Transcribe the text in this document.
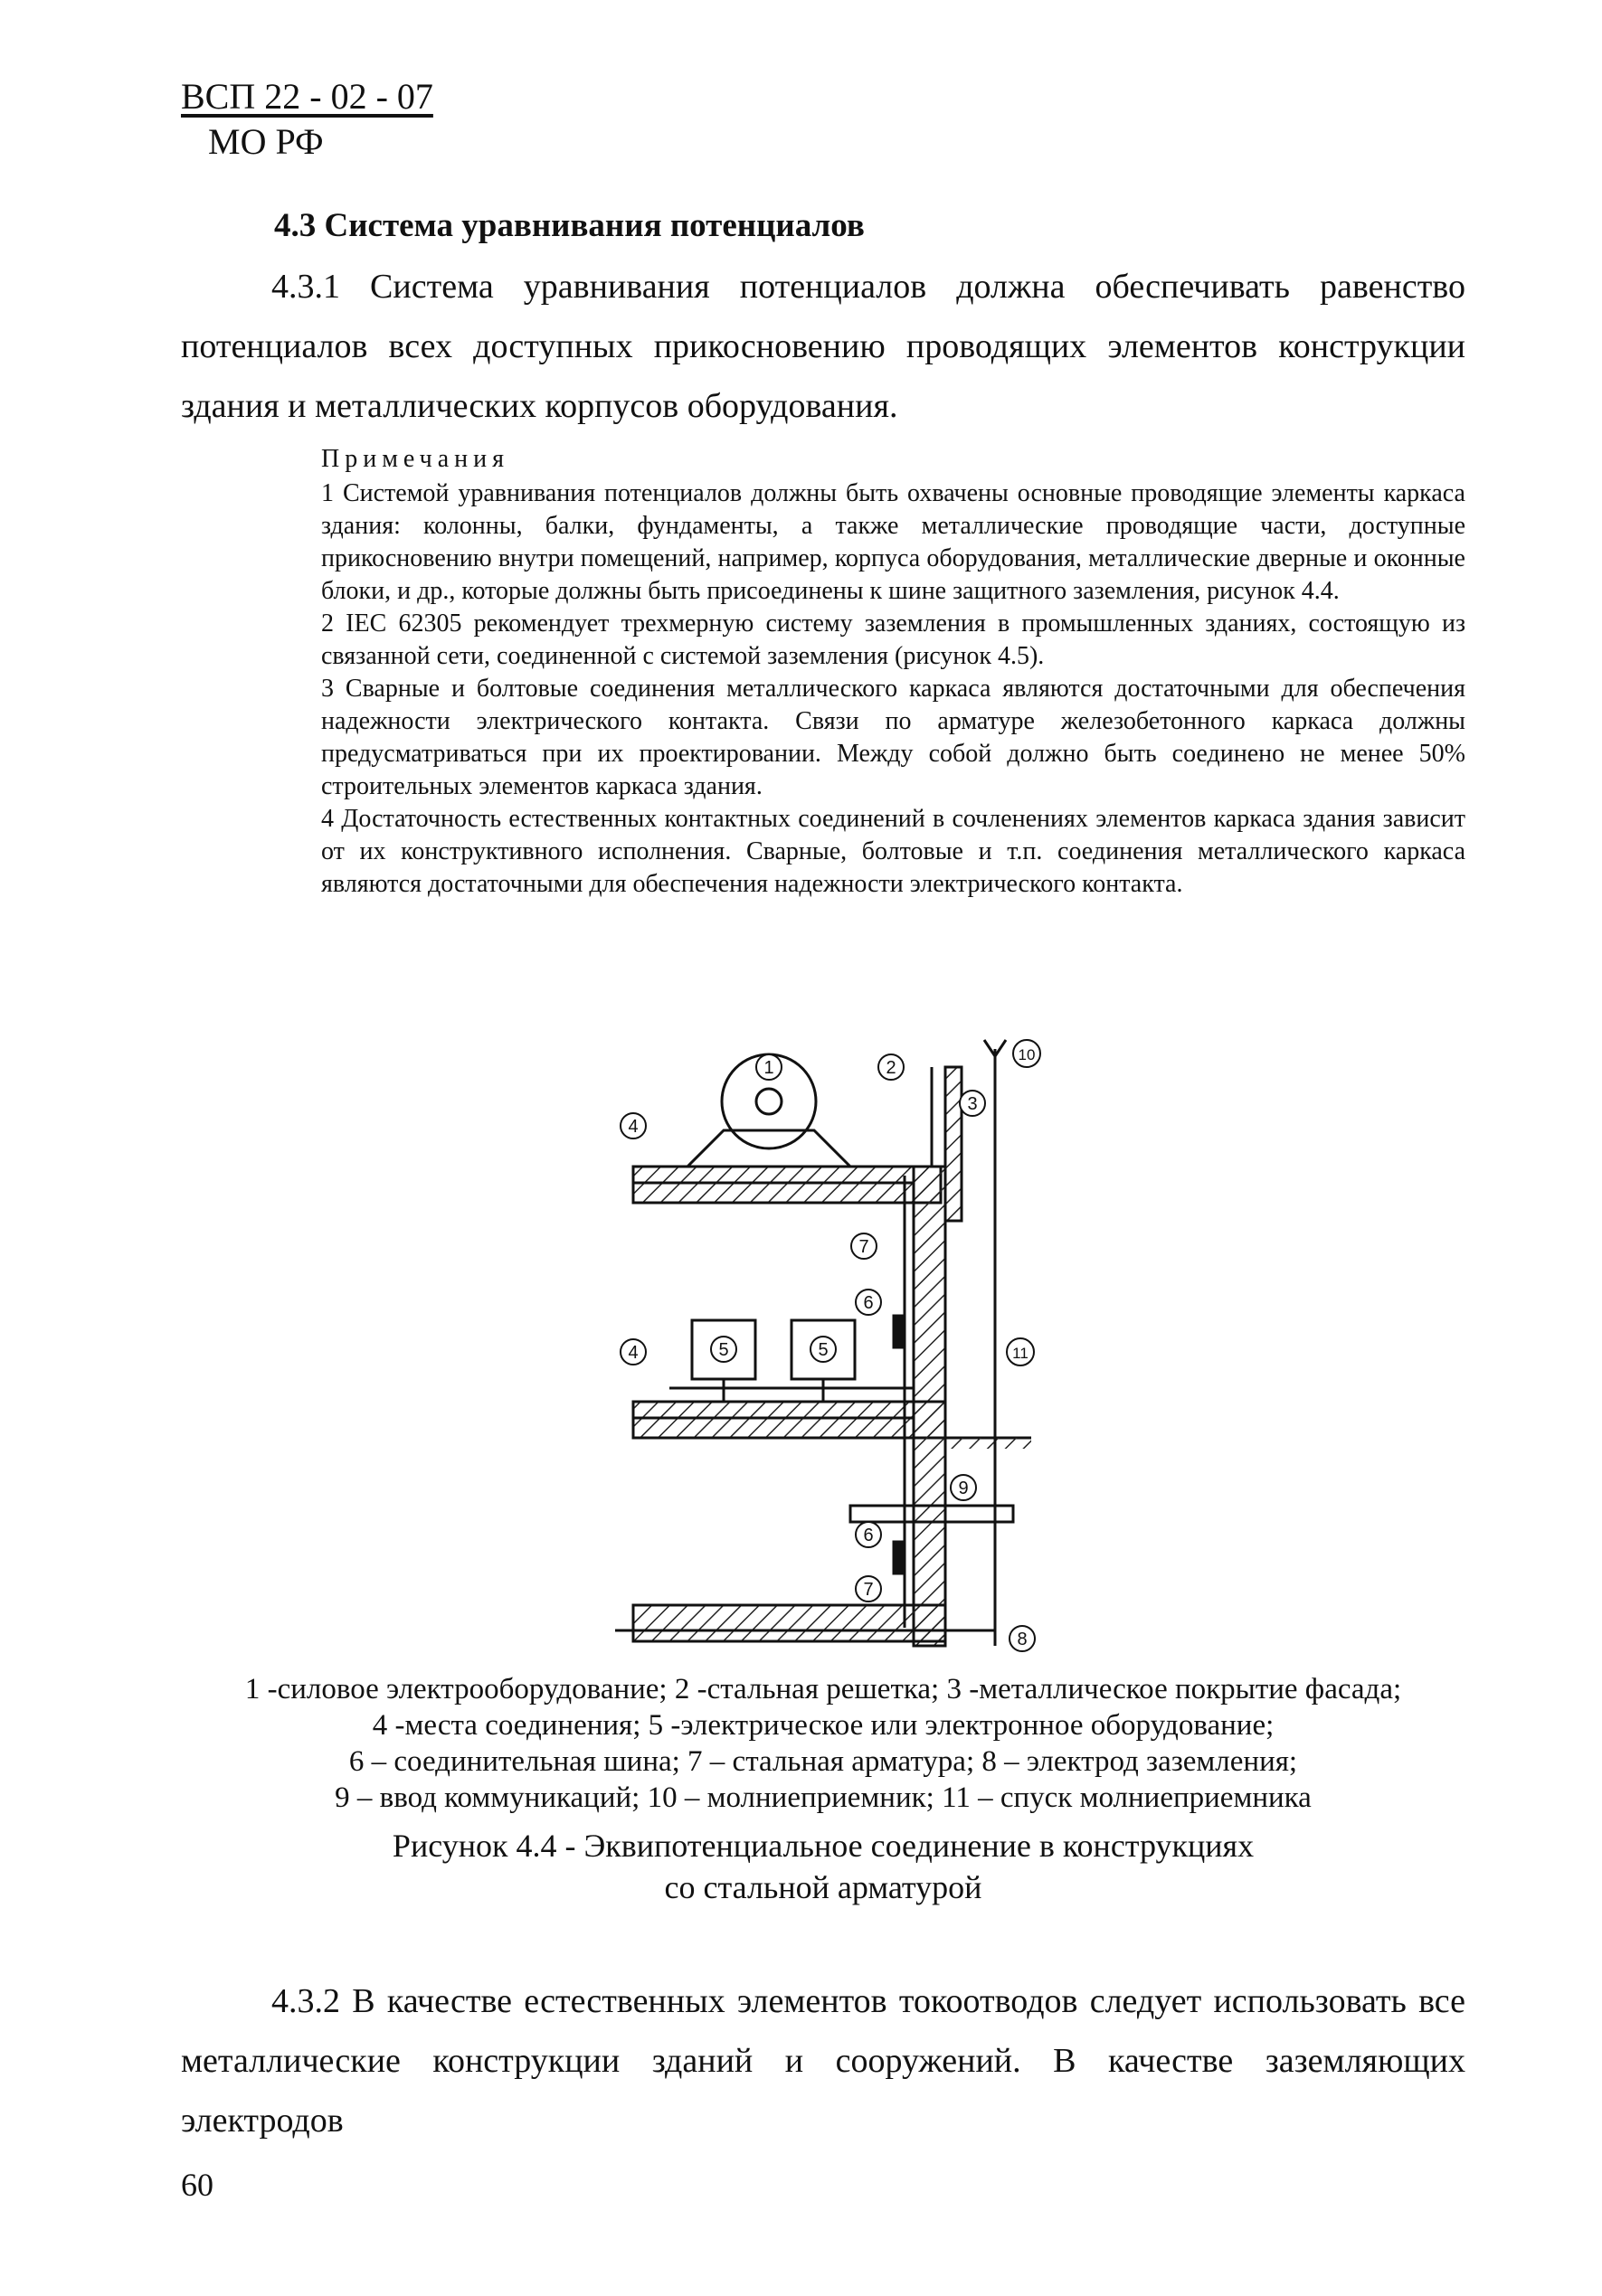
ВСП 22 - 02 - 07
МО РФ
4.3 Система уравнивания потенциалов
4.3.1 Система уравнивания потенциалов должна обеспечивать равенство потенциалов всех доступных прикосновению проводящих элементов конструкции здания и металлических корпусов оборудования.
Примечания

1 Системой уравнивания потенциалов должны быть охвачены основные проводящие элементы каркаса здания: колонны, балки, фундаменты, а также металлические проводящие части, доступные прикосновению внутри помещений, например, корпуса оборудования, металлические дверные и оконные блоки, и др., которые должны быть присоединены к шине защитного заземления, рисунок 4.4.

2 IEC 62305 рекомендует трехмерную систему заземления в промышленных зданиях, состоящую из связанной сети, соединенной с системой заземления (рисунок 4.5).

3 Сварные и болтовые соединения металлического каркаса являются достаточными для обеспечения надежности электрического контакта. Связи по арматуре железобетонного каркаса должны предусматриваться при их проектировании. Между собой должно быть соединено не менее 50% строительных элементов каркаса здания.

4 Достаточность естественных контактных соединений в сочленениях элементов каркаса здания зависит от их конструктивного исполнения. Сварные, болтовые и т.п. соединения металлического каркаса являются достаточными для обеспечения надежности электрического контакта.

1	2
3
4
4	5	5
6
6
7
7
8
9
10
11
1 -силовое электрооборудование; 2 -стальная решетка; 3 -металлическое покрытие фасада;
4 -места соединения; 5 -электрическое или электронное оборудование;
6 – соединительная шина; 7 – стальная арматура; 8 – электрод заземления;
9 – ввод коммуникаций; 10 – молниеприемник; 11 – спуск молниеприемника
Рисунок 4.4 - Эквипотенциальное соединение в конструкциях
со стальной арматурой
4.3.2 В качестве естественных элементов токоотводов следует использовать все металлические конструкции зданий и сооружений. В качестве заземляющих электродов
60
